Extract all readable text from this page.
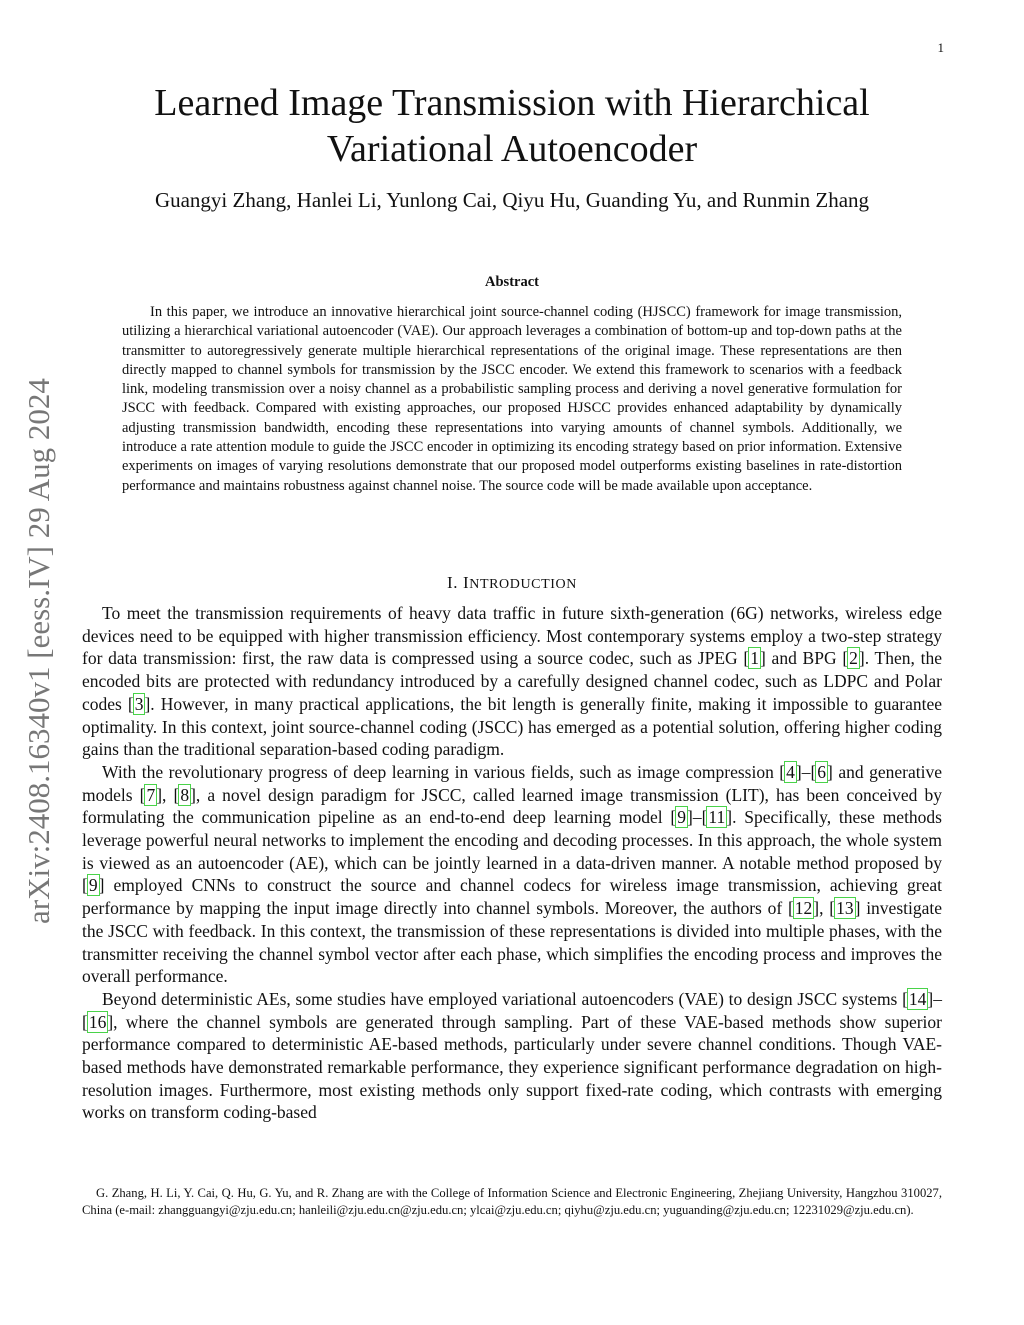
1
arXiv:2408.16340v1 [eess.IV] 29 Aug 2024
Learned Image Transmission with Hierarchical Variational Autoencoder
Guangyi Zhang, Hanlei Li, Yunlong Cai, Qiyu Hu, Guanding Yu, and Runmin Zhang
Abstract
In this paper, we introduce an innovative hierarchical joint source-channel coding (HJSCC) framework for image transmission, utilizing a hierarchical variational autoencoder (VAE). Our approach leverages a combination of bottom-up and top-down paths at the transmitter to autoregressively generate multiple hierarchical representations of the original image. These representations are then directly mapped to channel symbols for transmission by the JSCC encoder. We extend this framework to scenarios with a feedback link, modeling transmission over a noisy channel as a probabilistic sampling process and deriving a novel generative formulation for JSCC with feedback. Compared with existing approaches, our proposed HJSCC provides enhanced adaptability by dynamically adjusting transmission bandwidth, encoding these representations into varying amounts of channel symbols. Additionally, we introduce a rate attention module to guide the JSCC encoder in optimizing its encoding strategy based on prior information. Extensive experiments on images of varying resolutions demonstrate that our proposed model outperforms existing baselines in rate-distortion performance and maintains robustness against channel noise. The source code will be made available upon acceptance.
I. INTRODUCTION

To meet the transmission requirements of heavy data traffic in future sixth-generation (6G) networks, wireless edge devices need to be equipped with higher transmission efficiency. Most contemporary systems employ a two-step strategy for data transmission: first, the raw data is compressed using a source codec, such as JPEG [1] and BPG [2]. Then, the encoded bits are protected with redundancy introduced by a carefully designed channel codec, such as LDPC and Polar codes [3]. However, in many practical applications, the bit length is generally finite, making it impossible to guarantee optimality. In this context, joint source-channel coding (JSCC) has emerged as a potential solution, offering higher coding gains than the traditional separation-based coding paradigm.

With the revolutionary progress of deep learning in various fields, such as image compression [4]–[6] and generative models [7], [8], a novel design paradigm for JSCC, called learned image transmission (LIT), has been conceived by formulating the communication pipeline as an end-to-end deep learning model [9]–[11]. Specifically, these methods leverage powerful neural networks to implement the encoding and decoding processes. In this approach, the whole system is viewed as an autoencoder (AE), which can be jointly learned in a data-driven manner. A notable method proposed by [9] employed CNNs to construct the source and channel codecs for wireless image transmission, achieving great performance by mapping the input image directly into channel symbols. Moreover, the authors of [12], [13] investigate the JSCC with feedback. In this context, the transmission of these representations is divided into multiple phases, with the transmitter receiving the channel symbol vector after each phase, which simplifies the encoding process and improves the overall performance.

Beyond deterministic AEs, some studies have employed variational autoencoders (VAE) to design JSCC systems [14]–[16], where the channel symbols are generated through sampling. Part of these VAE-based methods show superior performance compared to deterministic AE-based methods, particularly under severe channel conditions. Though VAE-based methods have demonstrated remarkable performance, they experience significant performance degradation on high-resolution images. Furthermore, most existing methods only support fixed-rate coding, which contrasts with emerging works on transform coding-based

G. Zhang, H. Li, Y. Cai, Q. Hu, G. Yu, and R. Zhang are with the College of Information Science and Electronic Engineering, Zhejiang University, Hangzhou 310027, China (e-mail: zhangguangyi@zju.edu.cn; hanleili@zju.edu.cn@zju.edu.cn; ylcai@zju.edu.cn; qiyhu@zju.edu.cn; yuguanding@zju.edu.cn; 12231029@zju.edu.cn).
